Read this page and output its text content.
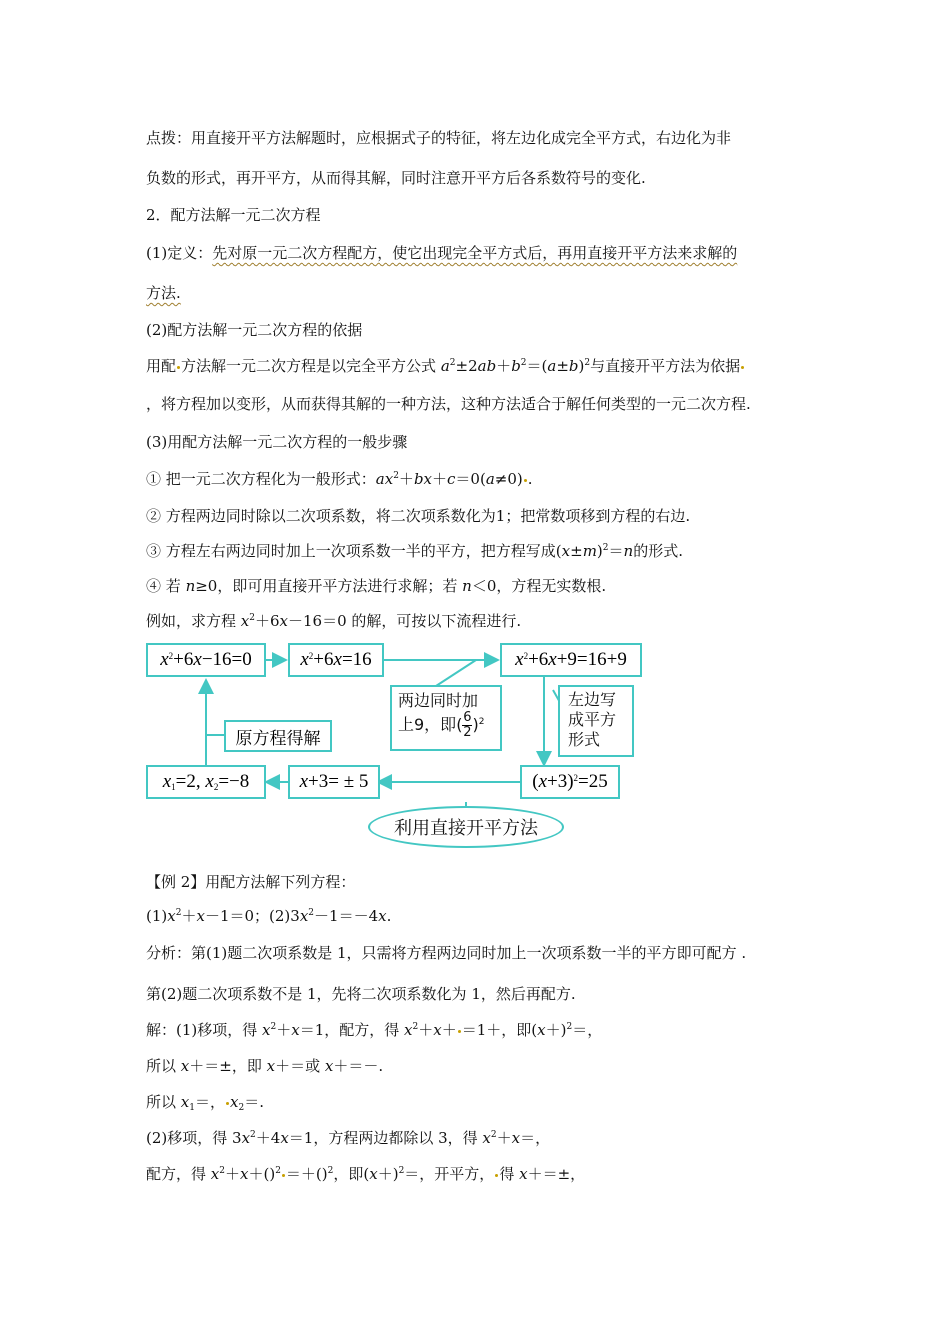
点拨：用直接开平方法解题时，应根据式子的特征，将左边化成完全平方式，右边化为非
负数的形式，再开平方，从而得其解，同时注意开平方后各系数符号的变化.
2．配方法解一元二次方程
(1)定义：先对原一元二次方程配方，使它出现完全平方式后，再用直接开平方法来求解的
方法.
(2)配方法解一元二次方程的依据
用配 方法解一元二次方程是以完全平方公式 $a^2\pm 2ab+b^2=(a\pm b)^2$与直接开平方法为依据
，将方程加以变形，从而获得其解的一种方法，这种方法适合于解任何类型的一元二次方程.
(3)用配方法解一元二次方程的一般步骤
① 把一元二次方程化为一般形式：$ax^2+bx+c=0(a\ne 0)$ .
② 方程两边同时除以二次项系数，将二次项系数化为1；把常数项移到方程的右边.
③ 方程左右两边同时加上一次项系数一半的平方，把方程写成$(x\pm m)^2=n$的形式.
④ 若 n≥0，即可用直接开平方法进行求解；若 n＜0，方程无实数根.
例如，求方程 $x^2+6x-16=0$ 的解，可按以下流程进行.
$x^2+6x-16=0$	$x^2+6x=16$	$x^2+6x+9=16+9$
两边同时加
上9，即( $\frac{6}{2} )^2$
左边写
成平方
形式
原方程得解
$x_1=2$, $x_2=-8$	x+3= ± 5	$(x+3)^2=25$
利用直接开平方法
【例 2】用配方法解下列方程：
$(1)x^2+x-1=0$；$(2)3x^2-1=-4x$.
分析：第(1)题二次项系数是 1，只需将方程两边同时加上一次项系数一半的平方即可配方 .
第(2)题二次项系数不是 1，先将二次项系数化为 1，然后再配方.
解：(1)移项，得 $x^2+x=1$，配方，得 $x^2+x+ =1+$，即$(x+)^2=$，
所以 x＋＝±，即 x＋＝或 x＋＝－.
所以 $x_1=$， $x_2=$.
(2)移项，得 $3x^2+4x=1$，方程两边都除以 3，得 $x^2+x=$，
配方，得 $x^2+x+()^2 =+()^2$，即$(x+)^2=$，开平方， 得 x＋＝±，
